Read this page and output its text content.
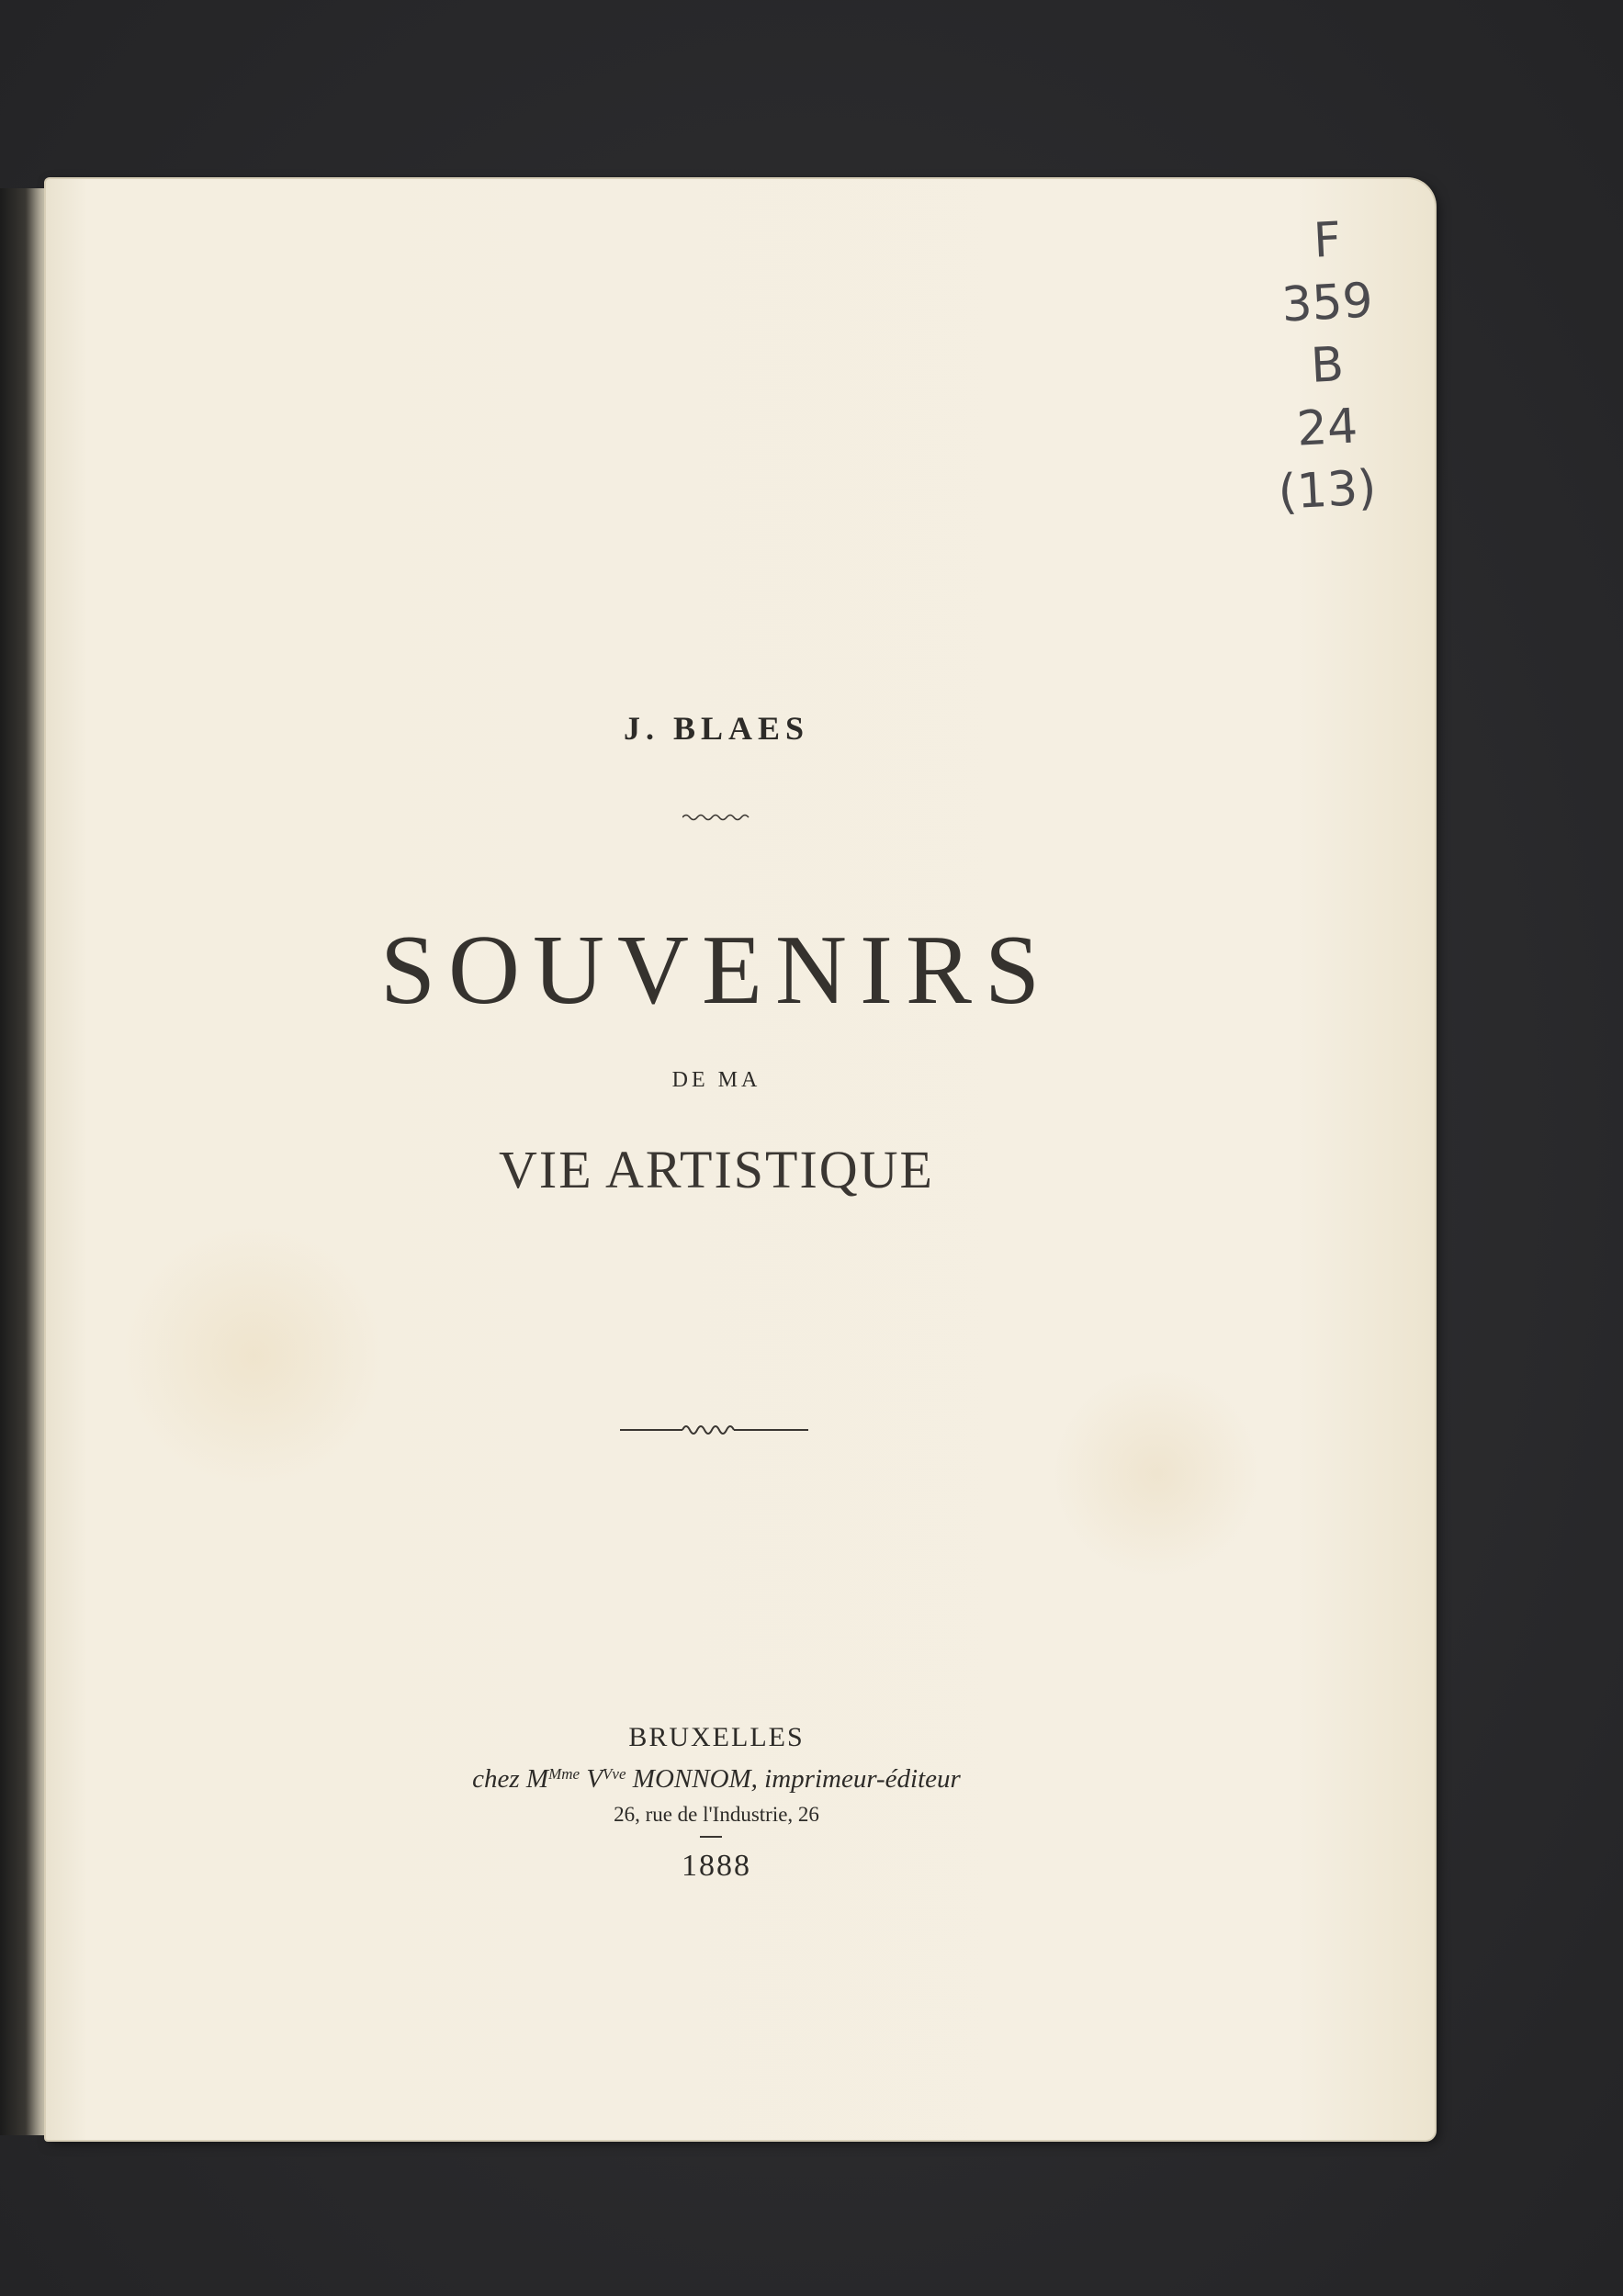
J. BLAES
SOUVENIRS
DE MA
VIE ARTISTIQUE
BRUXELLES
chez $M^{Mme}$ $V^{Vve}$ MONNOM, imprimeur-éditeur
26, rue de l'Industrie, 26
1888
F
359
B
24
(13)
